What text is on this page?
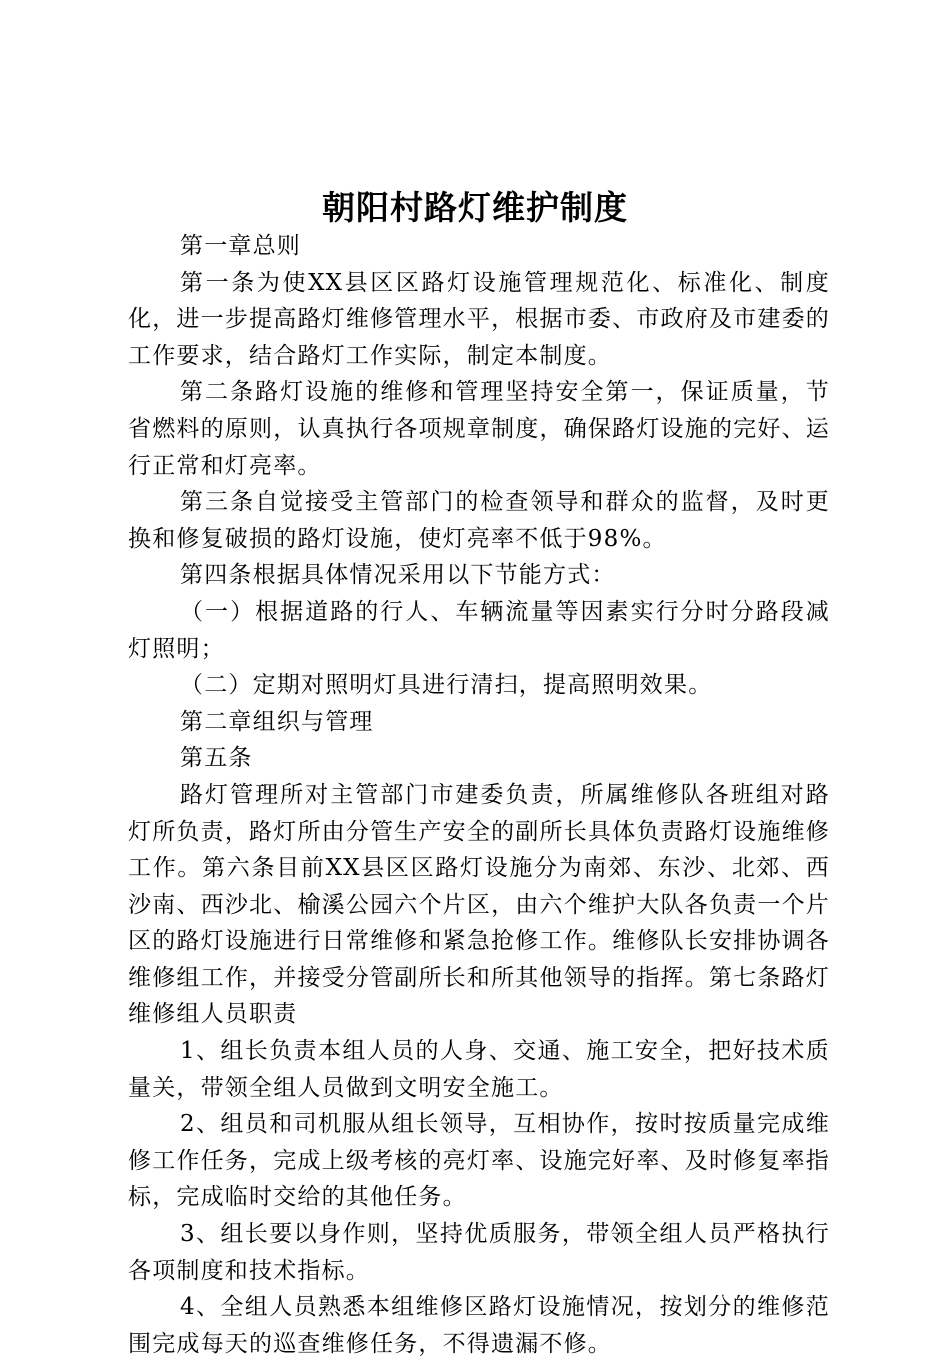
朝阳村路灯维护制度

第一章总则

第一条为使XX县区区路灯设施管理规范化、标准化、制度化，进一步提高路灯维修管理水平，根据市委、市政府及市建委的工作要求，结合路灯工作实际，制定本制度。

第二条路灯设施的维修和管理坚持安全第一，保证质量，节省燃料的原则，认真执行各项规章制度，确保路灯设施的完好、运行正常和灯亮率。

第三条自觉接受主管部门的检查领导和群众的监督，及时更换和修复破损的路灯设施，使灯亮率不低于98%。

第四条根据具体情况采用以下节能方式：

（一）根据道路的行人、车辆流量等因素实行分时分路段减灯照明；

（二）定期对照明灯具进行清扫，提高照明效果。

第二章组织与管理

第五条

路灯管理所对主管部门市建委负责，所属维修队各班组对路灯所负责，路灯所由分管生产安全的副所长具体负责路灯设施维修工作。第六条目前XX县区区路灯设施分为南郊、东沙、北郊、西沙南、西沙北、榆溪公园六个片区，由六个维护大队各负责一个片区的路灯设施进行日常维修和紧急抢修工作。维修队长安排协调各维修组工作，并接受分管副所长和所其他领导的指挥。第七条路灯维修组人员职责

1、组长负责本组人员的人身、交通、施工安全，把好技术质量关，带领全组人员做到文明安全施工。

2、组员和司机服从组长领导，互相协作，按时按质量完成维修工作任务，完成上级考核的亮灯率、设施完好率、及时修复率指标，完成临时交给的其他任务。

3、组长要以身作则，坚持优质服务，带领全组人员严格执行各项制度和技术指标。

4、全组人员熟悉本组维修区路灯设施情况，按划分的维修范围完成每天的巡查维修任务，不得遗漏不修。
